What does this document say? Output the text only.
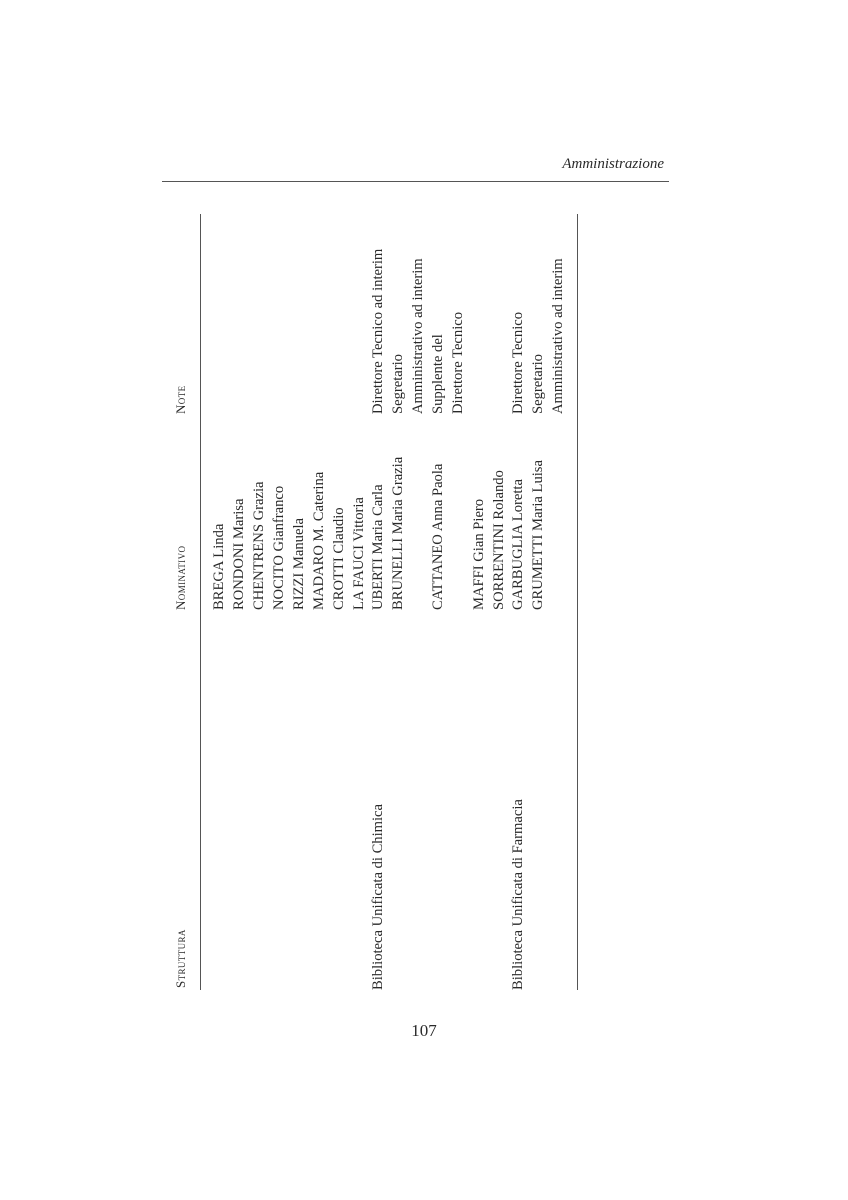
Amministrazione
Struttura
Nominativo
Note
BREGA Linda RONDONI Marisa CHENTRENS Grazia NOCITO Gianfranco RIZZI Manuela MADARO M. Caterina CROTTI Claudio LA FAUCI Vittoria
Biblioteca Unificata di Chimica
UBERTI Maria Carla BRUNELLI Maria Grazia CATTANEO Anna Paola MAFFI Gian Piero SORRENTINI Rolando
Direttore Tecnico ad interim Segretario Amministrativo ad interim Supplente del Direttore Tecnico
Biblioteca Unificata di Farmacia
GARBUGLIA Loretta GRUMETTI Maria Luisa
Direttore Tecnico Segretario Amministrativo ad interim
107
